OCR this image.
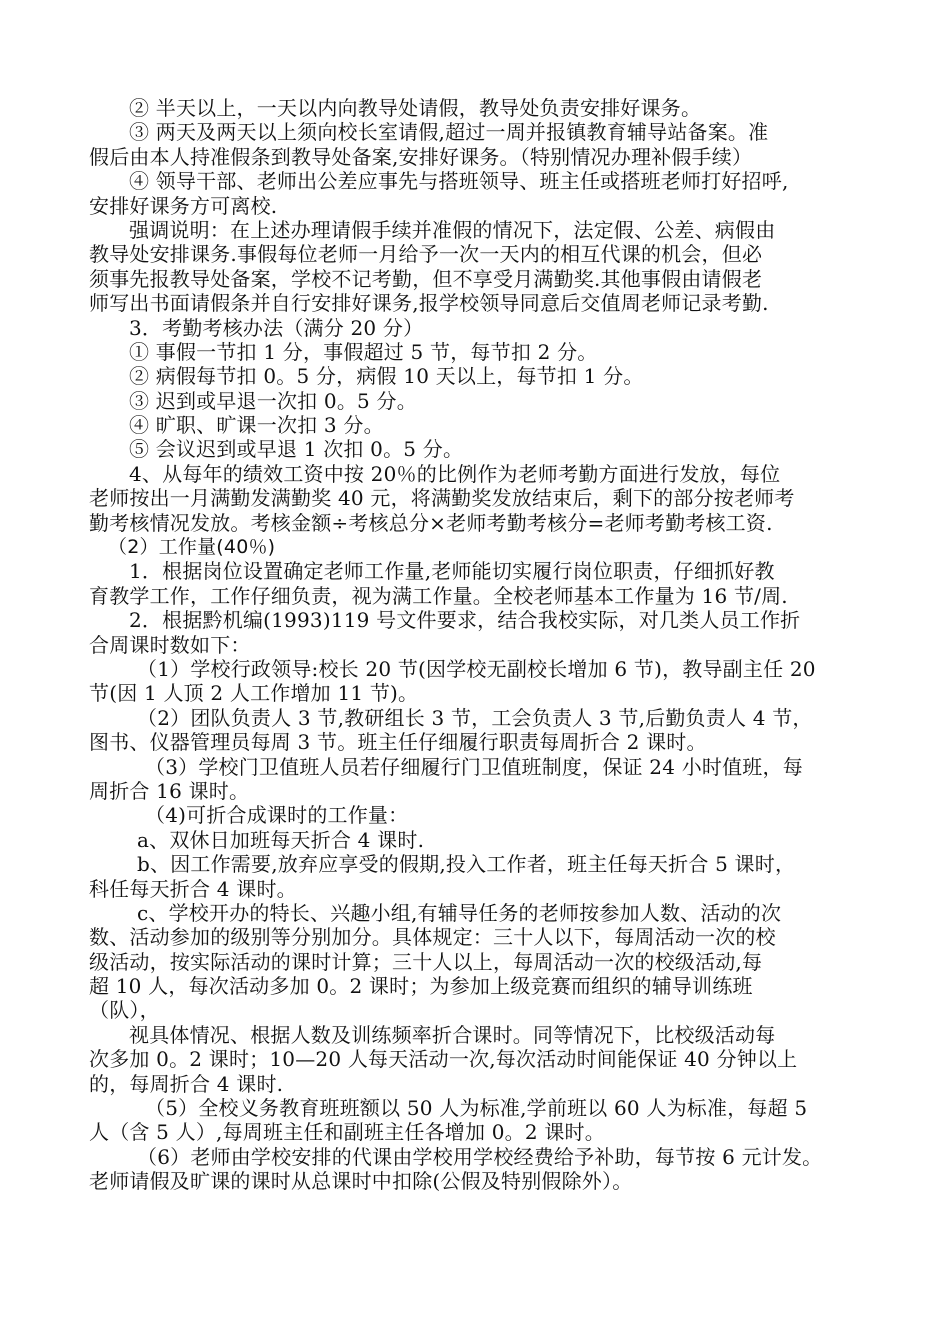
② 半天以上，一天以内向教导处请假，教导处负责安排好课务。
③ 两天及两天以上须向校长室请假,超过一周并报镇教育辅导站备案。准
假后由本人持准假条到教导处备案,安排好课务。（特别情况办理补假手续）
④ 领导干部、老师出公差应事先与搭班领导、班主任或搭班老师打好招呼,
安排好课务方可离校.
强调说明：在上述办理请假手续并准假的情况下，法定假、公差、病假由
教导处安排课务.事假每位老师一月给予一次一天内的相互代课的机会，但必
须事先报教导处备案，学校不记考勤，但不享受月满勤奖.其他事假由请假老
师写出书面请假条并自行安排好课务,报学校领导同意后交值周老师记录考勤.
3．考勤考核办法（满分 20 分）
① 事假一节扣 1 分，事假超过 5 节，每节扣 2 分。
② 病假每节扣 0。5 分，病假 10 天以上，每节扣 1 分。
③ 迟到或早退一次扣 0。5 分。
④ 旷职、旷课一次扣 3 分。
⑤ 会议迟到或早退 1 次扣 0。5 分。
4、从每年的绩效工资中按 20％的比例作为老师考勤方面进行发放，每位
老师按出一月满勤发满勤奖 40 元，将满勤奖发放结束后，剩下的部分按老师考
勤考核情况发放。考核金额÷考核总分×老师考勤考核分=老师考勤考核工资.
（2）工作量(40％)
1．根据岗位设置确定老师工作量,老师能切实履行岗位职责，仔细抓好教
育教学工作，工作仔细负责，视为满工作量。全校老师基本工作量为 16 节/周.
2．根据黔机编(1993)119 号文件要求，结合我校实际，对几类人员工作折
合周课时数如下：
（1）学校行政领导:校长 20 节(因学校无副校长增加 6 节)，教导副主任 20
节(因 1 人顶 2 人工作增加 11 节)。
（2）团队负责人 3 节,教研组长 3 节，工会负责人 3 节,后勤负责人 4 节，
图书、仪器管理员每周 3 节。班主任仔细履行职责每周折合 2 课时。
（3）学校门卫值班人员若仔细履行门卫值班制度，保证 24 小时值班，每
周折合 16 课时。
（4)可折合成课时的工作量：
a、双休日加班每天折合 4 课时.
b、因工作需要,放弃应享受的假期,投入工作者，班主任每天折合 5 课时，
科任每天折合 4 课时。
c、学校开办的特长、兴趣小组,有辅导任务的老师按参加人数、活动的次
数、活动参加的级别等分别加分。具体规定：三十人以下，每周活动一次的校
级活动，按实际活动的课时计算；三十人以上，每周活动一次的校级活动,每
超 10 人，每次活动多加 0。2 课时；为参加上级竞赛而组织的辅导训练班
（队），
视具体情况、根据人数及训练频率折合课时。同等情况下，比校级活动每
次多加 0。2 课时；10—20 人每天活动一次,每次活动时间能保证 40 分钟以上
的，每周折合 4 课时.
（5）全校义务教育班班额以 50 人为标准,学前班以 60 人为标准，每超 5
人（含 5 人）,每周班主任和副班主任各增加 0。2 课时。
（6）老师由学校安排的代课由学校用学校经费给予补助，每节按 6 元计发。
老师请假及旷课的课时从总课时中扣除(公假及特别假除外）。
